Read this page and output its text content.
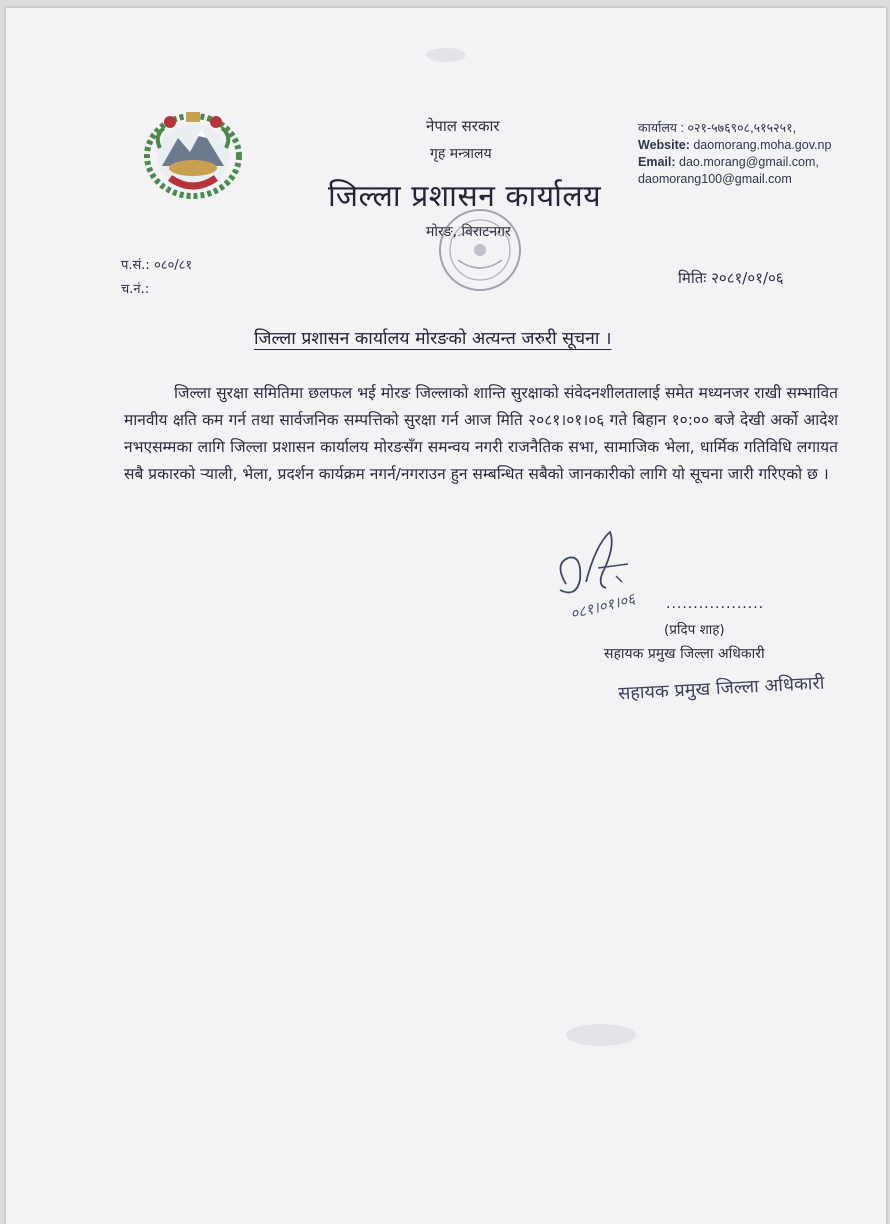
नेपाल सरकार
गृह मन्त्रालय
जिल्ला प्रशासन कार्यालय
मोरङ, विराटनगर
कार्यालय : ०२१-५७६९०८,५१५२५१,
Website: daomorang.moha.gov.np
Email: dao.morang@gmail.com,
daomorang100@gmail.com
प.सं.: ०८०/८१
च.नं.:
मितिः २०८१/०१/०६
जिल्ला प्रशासन कार्यालय मोरङको अत्यन्त जरुरी सूचना ।
जिल्ला सुरक्षा समितिमा छलफल भई मोरङ जिल्लाको शान्ति सुरक्षाको संवेदनशीलतालाई समेत मध्यनजर राखी सम्भावित मानवीय क्षति कम गर्न तथा सार्वजनिक सम्पत्तिको सुरक्षा गर्न आज मिति २०८१।०१।०६ गते बिहान १०:०० बजे देखी अर्को आदेश नभएसम्मका लागि जिल्ला प्रशासन कार्यालय मोरङसँग समन्वय नगरी राजनैतिक सभा, सामाजिक भेला, धार्मिक गतिविधि लगायत सबै प्रकारको र्‍याली, भेला, प्रदर्शन कार्यक्रम नगर्न/नगराउन हुन सम्बन्धित सबैको जानकारीको लागि यो सूचना जारी गरिएको छ ।
०८१।०१।०६ ..................
(प्रदिप शाह)
सहायक प्रमुख जिल्ला अधिकारी
सहायक प्रमुख जिल्ला अधिकारी
